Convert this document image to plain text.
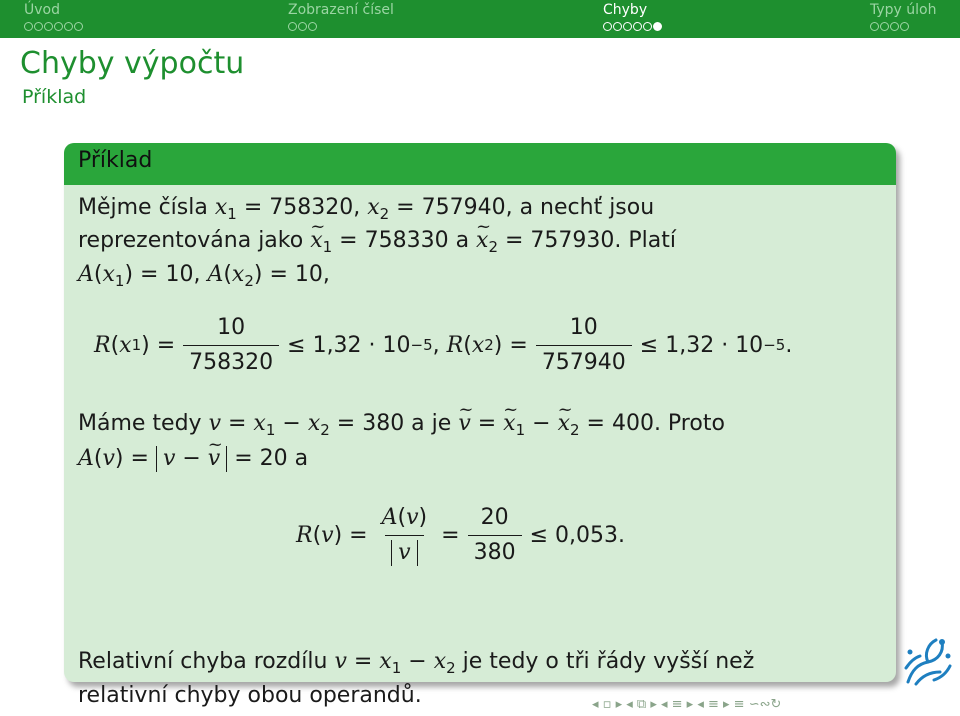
Úvod	Zobrazení čísel	Chyby	Typy úloh
Chyby výpočtu
Příklad
Příklad
Mějme čísla $x_1 = 758320$, $x_2 = 757940$, a nechť jsou
reprezentována jako ~ $x_1 = 758330$ a ~ $x_2 = 757930$. Platí
$A(x_1) = 10$, $A(x_2) = 10$,
R ( x 1 ) = $\frac{10}{758320} \le 1,32 \cdot 10 -5$ ,
R ( x 2 ) = $\frac{10}{757940} \le 1,32 \cdot 10 -5$ .
Máme tedy $v = x_1 - x_2 = 380$ a je ~ v = ~ $x_1$ − ~ $x_2 = 400$. Proto
A(v) = v − ~ v = 20 a
R ( v ) = $\frac{A(v)}{v} = \frac{20}{380} \le 0,053$.
Relativní chyba rozdílu $v = x_1 - x_2$ je tedy o tři řády vyšší než
relativní chyby obou operandů.	◂ ▫ ▸ ◂ ⧉ ▸ ◂ ≡ ▸ ◂ ≡ ▸ ≡ ∽∾↻
